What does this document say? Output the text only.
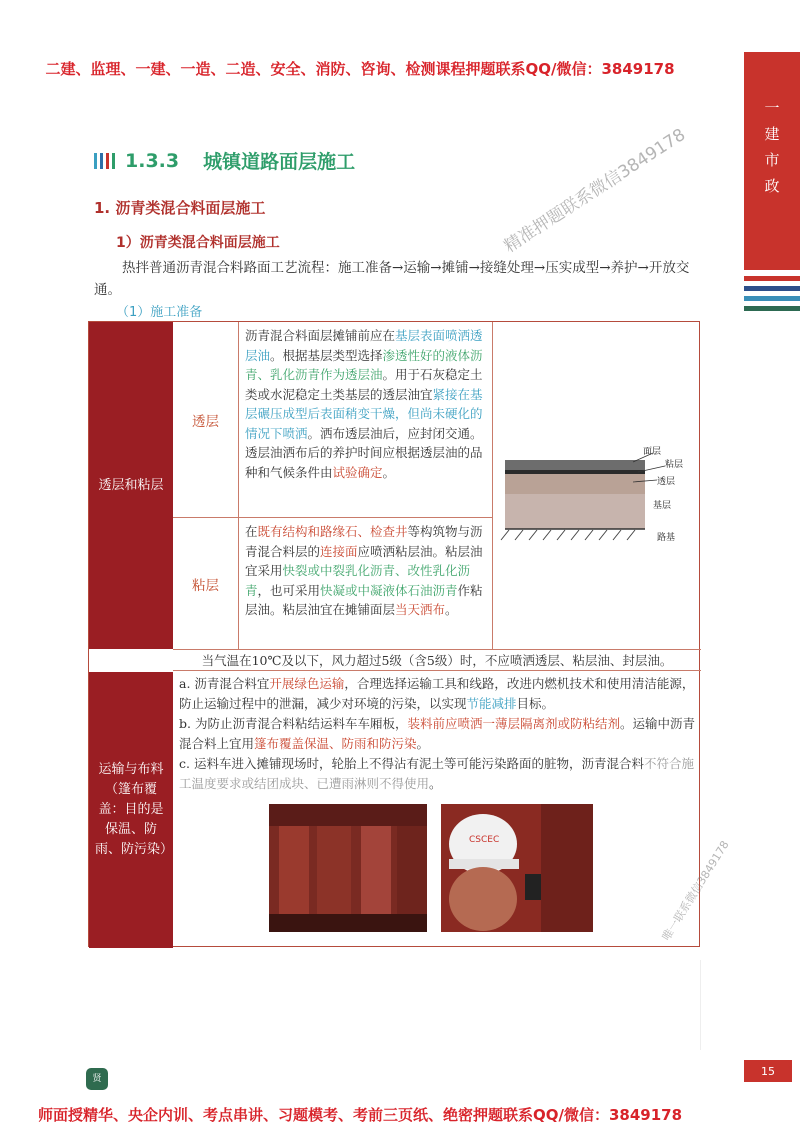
二建、监理、一建、一造、二造、安全、消防、咨询、检测课程押题联系QQ/微信：3849178
一
建
市
政
1.3.3 城镇道路面层施工
1. 沥青类混合料面层施工
1）沥青类混合料面层施工
热拌普通沥青混合料路面工艺流程：施工准备→运输→摊铺→接缝处理→压实成型→养护→开放交通。
（1）施工准备
透层和粘层
透层
沥青混合料面层摊铺前应在基层表面喷洒透层油。根据基层类型选择渗透性好的液体沥青、乳化沥青作为透层油。用于石灰稳定土类或水泥稳定土类基层的透层油宜紧接在基层碾压成型后表面稍变干燥，但尚未硬化的情况下喷洒。洒布透层油后，应封闭交通。透层油洒布后的养护时间应根据透层油的品种和气候条件由试验确定。
粘层
在既有结构和路缘石、检查井等构筑物与沥青混合料层的连接面应喷洒粘层油。粘层油宜采用快裂或中裂乳化沥青、改性乳化沥青，也可采用快凝或中凝液体石油沥青作粘层油。粘层油宜在摊铺面层当天洒布。
面层
粘层
透层
基层
路基
当气温在10℃及以下，风力超过5级（含5级）时，不应喷洒透层、粘层油、封层油。
运输与布料（篷布覆盖：目的是保温、防雨、防污染）
a. 沥青混合料宜开展绿色运输，合理选择运输工具和线路，改进内燃机技术和使用清洁能源，防止运输过程中的泄漏，减少对环境的污染，以实现节能减排目标。
b. 为防止沥青混合料粘结运料车车厢板，装料前应喷洒一薄层隔离剂或防粘结剂。运输中沥青混合料上宜用篷布覆盖保温、防雨和防污染。
c. 运料车进入摊铺现场时，轮胎上不得沾有泥土等可能污染路面的脏物，沥青混合料不符合施工温度要求或结团成块、已遭雨淋则不得使用。
CSCEC
精准押题联系微信3849178
唯一联系微信3849178
贤
15
师面授精华、央企内训、考点串讲、习题模考、考前三页纸、绝密押题联系QQ/微信：3849178
